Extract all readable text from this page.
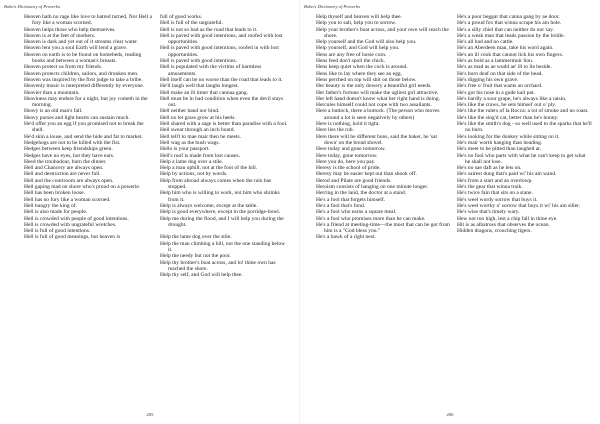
Bohn's Dictionary of Proverbs
Heaven hath no rage like love to hatred turned, Nor Hell a fury like a woman scorned.
Heaven helps those who help themselves.
Heaven is at the feet of mothers.
Heaven is dark and yet out of it streams clear water.
Heaven lent you a soul Earth will lend a grave.
Heaven on earth is to be found on homebeds, reading books and between a woman's breasts.
Heaven protect us from my friends.
Heaven protects children, sailors, and drunken men.
Heaven was inspired by the first judge to take a bribe.
Heavenly music is interpreted differently by everyone.
Heavier than a mountain.
Heaviness may endure for a night, but joy cometh in the morning.
Heavy is an old man's fall.
Heavy purses and light hearts can sustain much.
He'd offer you an egg if you promised not to break the shell.
He'd skin a louse, and send the hide and fat to market.
Hedgehogs are not to be killed with the fist.
Hedges between keep friendships green.
Hedges have no eyes, but they have ears.
Heed the troubadour, burn the dinner.
Hell and Chancery are always open.
Hell and destruction are never full.
Hell and the courtroom are always open.
Hell gaping mad on shore who's proud on a powerie.
Hell has been broken loose.
Hell has no fury like a woman scorned.
Hell hungry the king of.
Hell is also made for people.
Hell is crowded with people of good intentions.
Hell is crowded with ungrateful wretches.
Hell is full of good intentions.
Hell is full of good meanings, but heaven is
full of good works.
Hell is full of the ungrateful.
Hell is not so bad as the road that leads to it.
Hell is paved with good intentions, and roofed with lost opportunities.
Hell is paved with good intentions, roofed in with lost opportunities.
Hell is paved with good intentions.
Hell is populated with the victims of harmless amusements.
Hell itself can be no worse than the road that leads to it.
He'll laugh well that laughs longest.
Hell make an ill timer that cannaa gang.
Hell must be in bad condition when even the devil stays out.
Hell neither hand nor bind.
Hell no let grass grow at his heels.
Hell shared with a sage is better than paradise with a fool.
Hell swear through an inch board.
Hell tell't to mae mair then he meets.
Hell wag as the bush wags.
Hello is your passport.
Hell's roof is made from lost causes.
Help a lame dog over a stile.
Help a man uphill, not at the foot of the hill.
Help by actions, not by words.
Help from abroad always comes when the rain has stopped.
Help him who is willing to work, not him who shrinks from it.
Help is always welcome, except at the table.
Help is good everywhere, except in the porridge-bowl.
Help me during the flood, and I will help you during the drought.
Help the lame dog over the stile.
Help the man climbing a hill, not the one standing below it.
Help the needy but not the poor.
Help thy brother's boat across, and lo! thine own has reached the shore.
Help thy self, and God will help thee.
205
Bohn's Dictionary of Proverbs
Help thyself and heaven will help thee.
Help you to salt, help you to sorrow.
Help your brother's boat across, and your own will reach the shore.
Help yourself and the God will also help you.
Help yourself, and God will help you.
Hens are any free of horse corn.
Hens feed don't spoil the chick.
Hens keep quiet when the cock is around.
Hens like to lay where they see an egg.
Hens perched on top will shit on those below.
Her beauty is the only dowery a beautiful girl needs.
Her father's fortune will make the ugliest girl attractive.
Her left hand doesn't know what her right hand is doing.
Hercules himself could not cope with two assailants.
Here a buttock, there a buttock. (The person who moves around a lot is seen negatively by others)
Here is nothing, hold it tight.
Here lies the rub.
Here there will be different buns, said the baker, he 'sat down' on the bread shovel.
Here today and gone tomorrow.
Here today, gone tomorrow.
Here you do, here you pay.
Heresy is the school of pride.
Heresy may be easier kept out than shook off.
Herod and Pilate are good friends.
Heroism consists of hanging on one minute longer.
Herring in the land, the doctor at a stand.
He's a fool that forgets himself.
He's a fool that's fond.
He's a fool who earns a square meal.
He's a fool who promises more than he can make.
He's a friend at meeting-time—the most that can be got from him is a "God bless you."
He's a hawk of a right nest.
He's a poor beggar that canna gang by ae door.
He's a proud fox that winna scrape his ain hole.
He's a silly chiel that can neither do nor say.
He's a weak man that leads passion by the bridle.
He's all bad and no cattle.
He's an Aberdeen man, take his word again.
He's an ill cook that cannot lick his own fingers.
He's as bold as a lammermuir lion.
He's as mad as ae wudd ae' ill to lie beside.
He's born deaf on that side of the head.
He's digging his own grave.
He's free o' fruit that wants an orchard.
He's got his nose in a gude kail pat.
He's hardly a sour grape, he's always like a raisin.
He's like the craws, he sets himsel' out o' ply.
He's like the rulers of la Rocca: a lot of smoke and no roast.
He's like the sing'd cat, better than he's bonny.
He's like the smith's dog - so well used to the sparks that he'll no burn.
He's looking for the donkey while sitting on it.
He's mair worth hanging than heading.
He's meet to be pitted than laughed at.
He's no fool who parts with what he can't keep to get what he shall not lose.
He's no sae daft as he lets on.
He's sairest dung that's paid wi' his ain wand.
He's from a start and an overlowp.
He's the gear that winna traik.
He's twice fain that sits on a stane.
He's weel wordy sorrow that buys it.
He's weel worthy o' sorrow that buys it wi' his ain siller.
He's wise that's timely wary.
Hew not too high, lest a chip fall in thine eye.
Hit is as albatross that observes the ocean.
Hidden dragons, crouching tigers.
206
